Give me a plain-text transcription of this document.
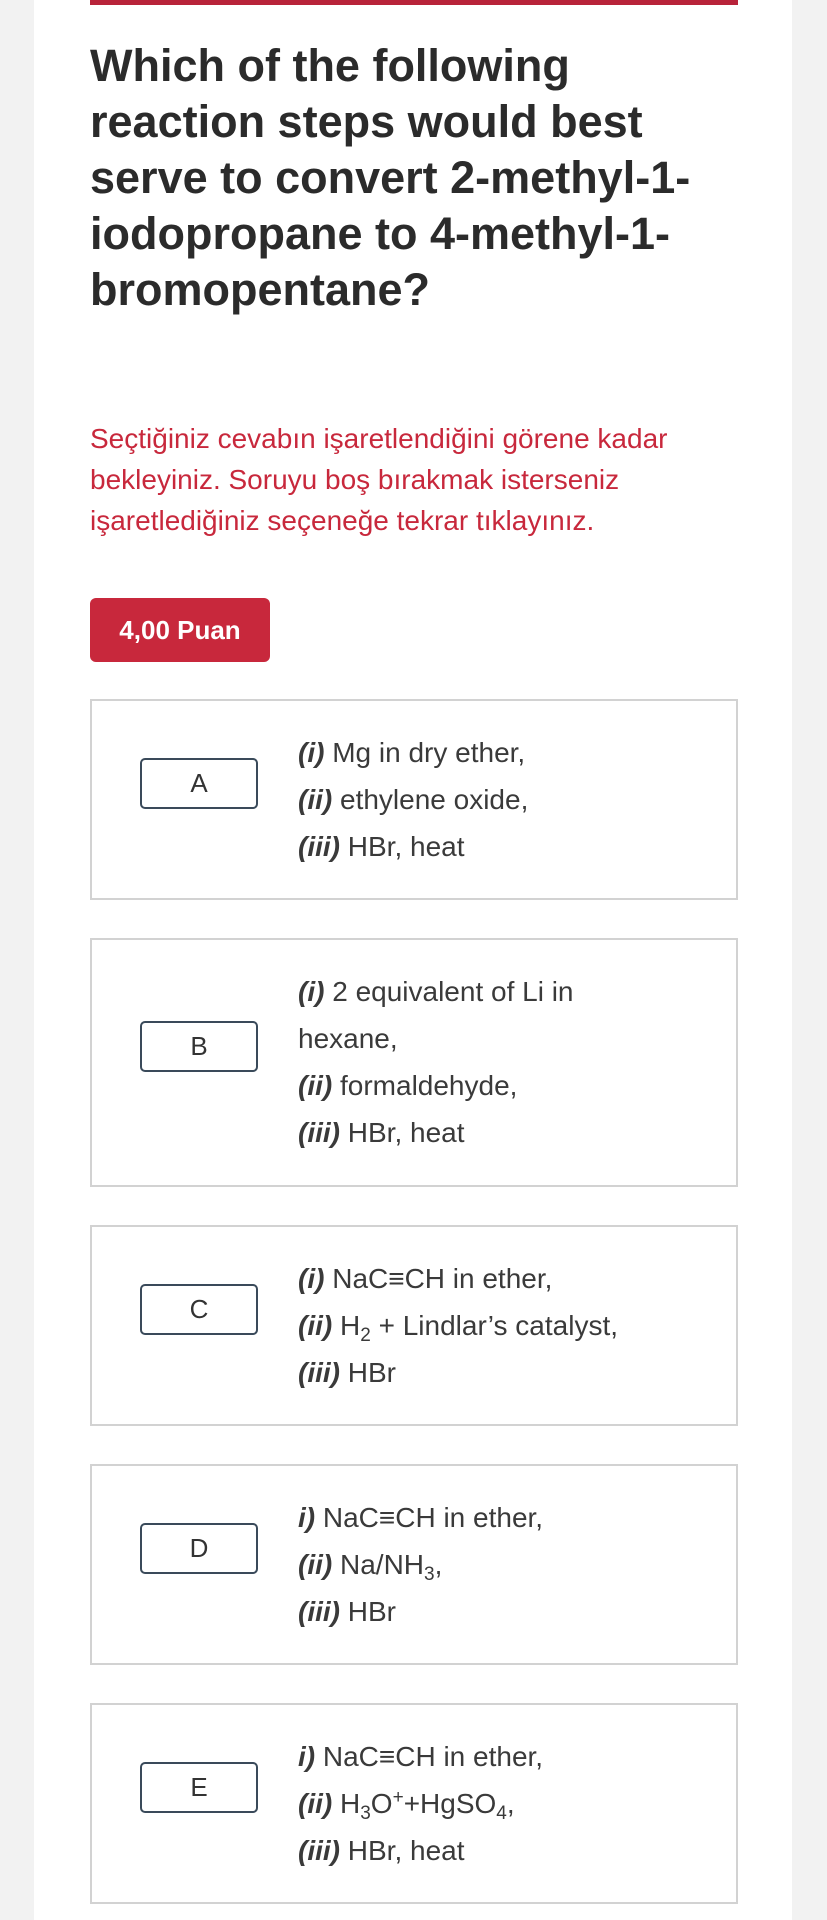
Which of the following reaction steps would best serve to convert 2-methyl-1-iodopropane to 4-methyl-1-bromopentane?

Seçtiğiniz cevabın işaretlendiğini görene kadar bekleyiniz. Soruyu boş bırakmak isterseniz işaretlediğiniz seçeneğe tekrar tıklayınız.

4,00 Puan
A
(i) Mg in dry ether,
(ii) ethylene oxide,
(iii) HBr, heat
B
(i) 2 equivalent of Li in hexane,
(ii) formaldehyde,
(iii) HBr, heat
C
(i) NaC≡CH in ether,
(ii) $H_2$ + Lindlar’s catalyst,
(iii) HBr
D
i) NaC≡CH in ether,
(ii) $Na/NH_3$,
(iii) HBr
E
i) NaC≡CH in ether,
(ii) $H_3O^++HgSO_4$,
(iii) HBr, heat
